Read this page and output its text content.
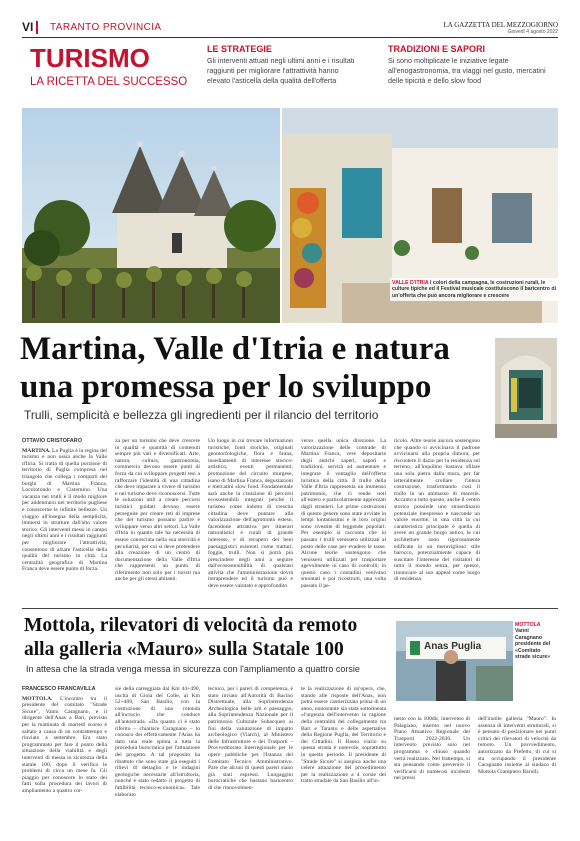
VI	TARANTO PROVINCIA	LA GAZZETTA DEL MEZZOGIORNO
Giovedì 4 agosto 2022
TURISMO
LA RICETTA DEL SUCCESSO
LE STRATEGIE
Gli interventi attuati negli ultimi anni e i risultati raggiunti per migliorare l'attrattività hanno elevato l'asticella della qualità dell'offerta
TRADIZIONI E SAPORI
Si sono moltiplicate le iniziative legate all'enogastronomia, tra viaggi nel gusto, mercatini delle tipicità e dello slow food
VALLE D'ITRIA I colori della campagna, le costruzioni rurali, le culture tipiche ed il Festival musicale costituiscono il baricentro di un'offerta che può ancora migliorare e crescere
Martina, Valle d'Itria e natura
una promessa per lo sviluppo
Trulli, semplicità e bellezza gli ingredienti per il rilancio del territorio
OTTAVIO CRISTOFARO

MARTINA. La Puglia è la regina del turismo e non ossia anche la Valle d'Itria. Si tratta di quella porzione di territorio di Puglia compresa nel triangolo che collega i comparti dei borghi di Martina Franca, Locorotondo e Cisternino. Una vacanza nei trulli è il modo migliore per addentrarsi nel territorio pugliese e conoscerne le infinite bellezze. Un viaggio all'insegna della semplicità, immersi in strutture dall'alto valore storico. Gli interventi messi in campo negli ultimi anni e i risultati raggiunti per migliorare l'attrattività, consentono di alzare l'asticella della qualità del turismo in città. La centralità geografica di Martina Franca deve essere punto di forza.

za per un turismo che deve crescere in qualità e quantità di contenuti sempre più vari e diversificati. Arte, natura, cultura, gastronomia, commercio devono essere punti di forza da cui sviluppare progetti tesi a rafforzare l'identità di una cittadina che deve imparare a vivere di turismo e nel turismo deve riconoscersi. Tutte le soluzioni utili a creare percorsi turistici guidati devono essere perseguite per creare reti di imprese che del turismo possano partire e sviluppare verso altri settori. La Valle d'Itria in quanto tale ha necessità di essere conosciuta nella sua storicità e peculiarità, per cui si deve protendere alla creazione di un centro di documentazione della Valle d'Itria che rappresenti un punto di riferimento non solo per i turisti ma anche per gli stessi abitanti.

Un luogo in cui trovare informazioni turistiche, fonti storiche, originali geomorfologiche, flora e fauna, insediamenti di interesse storico-artistico, eventi permanenti; promozione del circuito murgese, isano di Martina Franca, degustazioni e mercatini slow food. Fondamentale sarà anche la creazione di percorsi ecosostenibili integrati perché il turismo come indotto di crescita cittadina deve puntare alla valorizzazione dell'agromotto esteso, facendone attrattiva per itinerari naturalistici e rurali di grande interesse, e di recupero dei beni paesaggistici esistenti come tratturi, foggie, trulli. Non si potrà più prescindere negli anni a seguire dall'ecosostenibilità di qualsiasi attività che l'amministrazione dovrà intraprendere ed il turismo può e deve essere valutato e approfondito

verso quella unica direzione. La valorizzazione delle contrade di Martina Franca, vere depositarie degli antichi saperi, sapori e tradizioni, servirà ad aumentare e integrare il ventaglio dell'offerta turistica della città. Il trullo della Valle d'Itria rappresenta un immenso patrimonio, che ci rende noti all'estero e particolarmente apprezzati dagli stranieri. Le prime costruzioni di questo genere sono state avviate in tempi lontanissimi e le loro origini sono rivestite di leggende popolari. Per esempio si racconta che in passato i trulli venissero utilizzati al posto delle case per evadere le tasse. Alcune teorie sostengono che venissero utilizzati per trasportare agevolmente in caso di controlli; in questo caso i contadini venivano smontati e poi ricostruiti, una volta passato il pe-

ricolo. Altre teorie ancora sostengono che quando si avvicinava il padrone avvicinarsi alla propria dimora, per riscuotere il dazio per la residenza sul terreno, all'inquilino bastava sfilare una sola pietra dalla mura, per far letteralmente crollare l'intera costruzione, trasformando così il trullo in un ammasso di macerie. Accanto a tutto questo, anche il centro storico possiede uno straordinario potenziale inespresso e nasconde un valore enorme, in una città la cui caratteristica principale è quella di avere un grande borgo antico, le cui architetture sono rigorosamente edificate in un meraviglioso stile barocco, potenzialmente capace di suscitare l'interesse dei visitatori di tutto il mondo senza, per questo, rinunciare al suo appeal come luogo di residenza.

Mottola, rilevatori di velocità da remoto
alla galleria «Mauro» sulla Statale 100
In attesa che la strada venga messa in sicurezza con l'ampliamento a quattro corsie
Anas Puglia
MOTTOLA
Vanni Caragnano presidente del «Comitato strade sicure»
FRANCESCO FRANCAVILLA

MOTTOLA. L'incontro tra il presidente del comitato "Strade Sicure", Vanni Caragnano, e il dirigente dell'Anas a Bari, previsto per la mattinata di martedì scorso è saltato a causa di un contrattempo e rinviato a settembre. Era stato programmato per fare il punto della situazione della viabilità e degli interventi di messa in sicurezza della statale 100, dopo il verifica le problemi di circa un mese fa. Gli piaggio per conoscere lo stato dei fatti sulla procedura dei lavori di ampliamento a quattro cor-

sie della carreggiata dal Km 44+490, uscita di Gioia del Colle, al Km 52+400, San Basilio, con la costruzione di una rotonda all'incrocio che conduce all'autostrada. «Da quanto ci è stato riferito – chiarisce Caragnano – lo conosco dei effettivamente l'Anas ha dato una reale spinta a tutta la procedura burocratica per l'attuazione del progetto. A tal proposito ha ribattuto che sono state già eseguiti i rilievi di dettaglio e le indagini geologiche necessarie all'istruttoria, nonché è stato redatto il progetto di fattibilità tecnico-economica». Tale elaborato

tecnico, per i pareri di competenza, è stato inviato all'Autorità di Bacino Distrettuale, alla Soprintendenza Archeologica belle arti e paesaggio, alla Soprintendenza Nazionale per il patrimonio Culturale Subacqueo ai fini della valutazione di impatto archeologico (Viarch), al Ministero delle Infrastrutture e dei Trasporti – Provveditorato Interregionale per le opere pubbliche per l'Istanza del Comitato Tecnico Amministrativo. Pare che alcuni di questi pareri siano già stati espressi. Lungaggini burocratiche che bastano baricentro di che rinnovolmen-

te la realizzazione di un'opera, che, stando alle risposte dell'Anas, non potrà essere cantierizzata prima di un anno, nonostante sia stata sottolineata «l'urgenza dell'intervento in ragione della centralità del collegamento tra Bari e Taranto e delle aspettative della Regione Puglia, del Territorio e dei Cittadini. Il Basso viario su questa strada è notevole, soprattutto in questo periodo. Il presidente di "Strade Sicure" si auspica anche una celere attuazione del procedimento per la realizzazione a 4 corsie del tratto stradale da San Basilio all'in-

nesto con la 100dir, intervento di Palagiano, inserito nel nuovo Piano Attuativo Regionale dei Trasporti 2022-2030. Un intervento previsto solo nel programma e chiuso quando verrà realizzato. Nel frattempo, si sta pensando come prevenire il verificarsi di numerosi incidenti nei pressi

dell'inutile galleria "Mauro". In assenza di interventi strutturali, si è pensato di posizionare nei punti critici dei rilevatori di velocità da remoto. Un provvedimento, autorizzato da Prefetto, di cui si sta occupando il presidente Caragnano insieme al sindaco di Mottola Giampiero Barulli.
